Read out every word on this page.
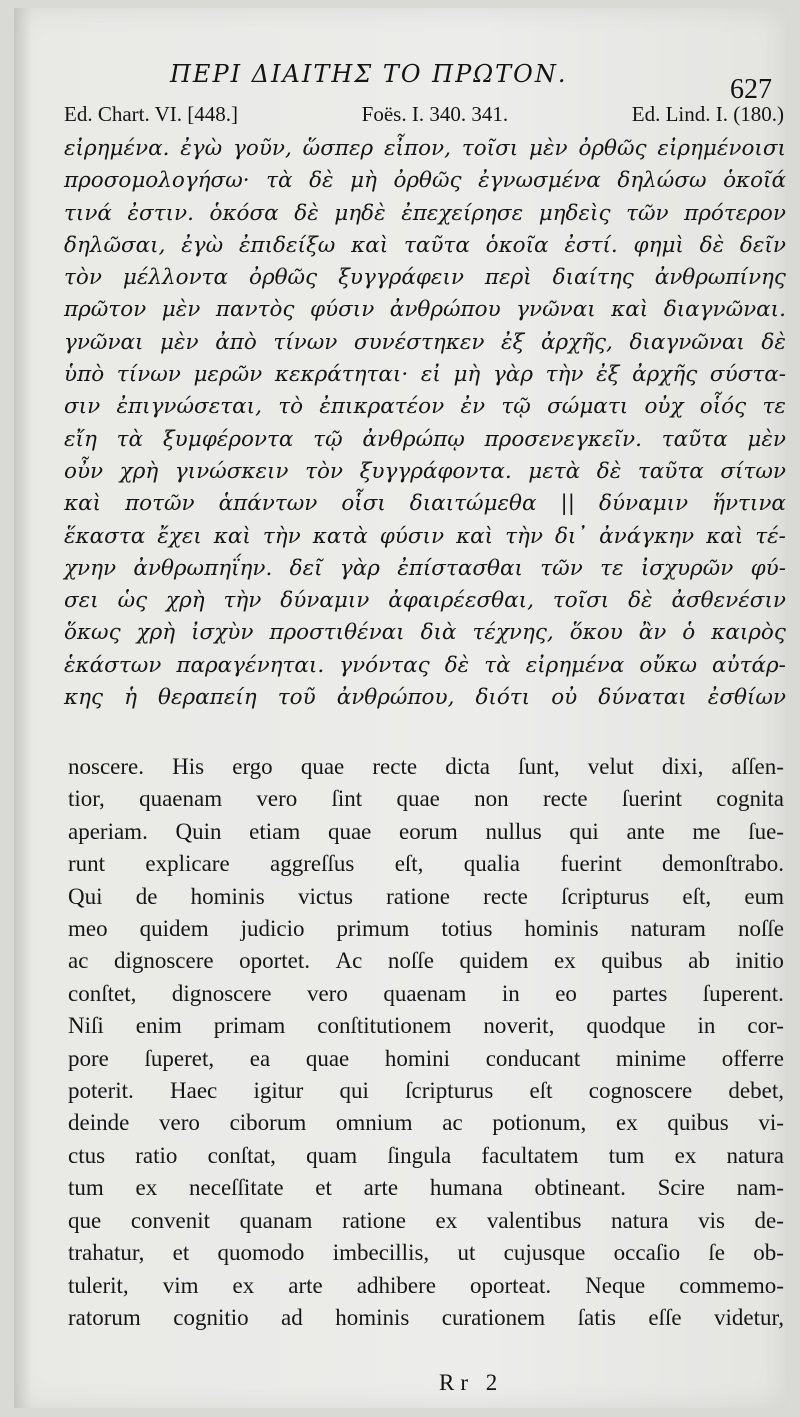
ΠΕΡΙ ΔΙΑΙΤΗΣ ΤΟ ΠΡΩΤΟΝ.	627
Ed. Chart. VI. [448.]	Foës. I. 340. 341.	Ed. Lind. I. (180.)
εἰρημένα. ἐγὼ γοῦν, ὥσπερ εἶπον, τοῖσι μὲν ὀρθῶς εἰρημένοισι
προσομολογήσω· τὰ δὲ μὴ ὀρθῶς ἐγνωσμένα δηλώσω ὁκοῖά
τινά ἐστιν. ὁκόσα δὲ μηδὲ ἐπεχείρησε μηδεὶς τῶν πρότερον
δηλῶσαι, ἐγὼ ἐπιδείξω καὶ ταῦτα ὁκοῖα ἐστί. φημὶ δὲ δεῖν
τὸν μέλλοντα ὀρθῶς ξυγγράφειν περὶ διαίτης ἀνθρωπίνης
πρῶτον μὲν παντὸς φύσιν ἀνθρώπου γνῶναι καὶ διαγνῶναι.
γνῶναι μὲν ἀπὸ τίνων συνέστηκεν ἐξ ἀρχῆς, διαγνῶναι δὲ
ὑπὸ τίνων μερῶν κεκράτηται· εἰ μὴ γὰρ τὴν ἐξ ἀρχῆς σύστα-
σιν ἐπιγνώσεται, τὸ ἐπικρατέον ἐν τῷ σώματι οὐχ οἷός τε
εἴη τὰ ξυμφέροντα τῷ ἀνθρώπῳ προσενεγκεῖν. ταῦτα μὲν
οὖν χρὴ γινώσκειν τὸν ξυγγράφοντα. μετὰ δὲ ταῦτα σίτων
καὶ ποτῶν ἁπάντων οἷσι διαιτώμεθα || δύναμιν ἥντινα
ἕκαστα ἔχει καὶ τὴν κατὰ φύσιν καὶ τὴν δι᾽ ἀνάγκην καὶ τέ-
χνην ἀνθρωπηΐην. δεῖ γὰρ ἐπίστασθαι τῶν τε ἰσχυρῶν φύ-
σει ὡς χρὴ τὴν δύναμιν ἀφαιρέεσθαι, τοῖσι δὲ ἀσθενέσιν
ὅκως χρὴ ἰσχὺν προστιθέναι διὰ τέχνης, ὅκου ἂν ὁ καιρὸς
ἑκάστων παραγένηται. γνόντας δὲ τὰ εἰρημένα οὔκω αὐτάρ-
κης ἡ θεραπείη τοῦ ἀνθρώπου, διότι οὐ δύναται ἐσθίων
noscere. His ergo quae recte dicta ſunt, velut dixi, aſſen-
tior, quaenam vero ſint quae non recte ſuerint cognita
aperiam. Quin etiam quae eorum nullus qui ante me ſue-
runt explicare aggreſſus eſt, qualia fuerint demonſtrabo.
Qui de hominis victus ratione recte ſcripturus eſt, eum
meo quidem judicio primum totius hominis naturam noſſe
ac dignoscere oportet. Ac noſſe quidem ex quibus ab initio
conſtet, dignoscere vero quaenam in eo partes ſuperent.
Niſi enim primam conſtitutionem noverit, quodque in cor-
pore ſuperet, ea quae homini conducant minime offerre
poterit. Haec igitur qui ſcripturus eſt cognoscere debet,
deinde vero ciborum omnium ac potionum, ex quibus vi-
ctus ratio conſtat, quam ſingula facultatem tum ex natura
tum ex neceſſitate et arte humana obtineant. Scire nam-
que convenit quanam ratione ex valentibus natura vis de-
trahatur, et quomodo imbecillis, ut cujusque occaſio ſe ob-
tulerit, vim ex arte adhibere oporteat. Neque commemo-
ratorum cognitio ad hominis curationem ſatis eſſe videtur,
Rr 2
